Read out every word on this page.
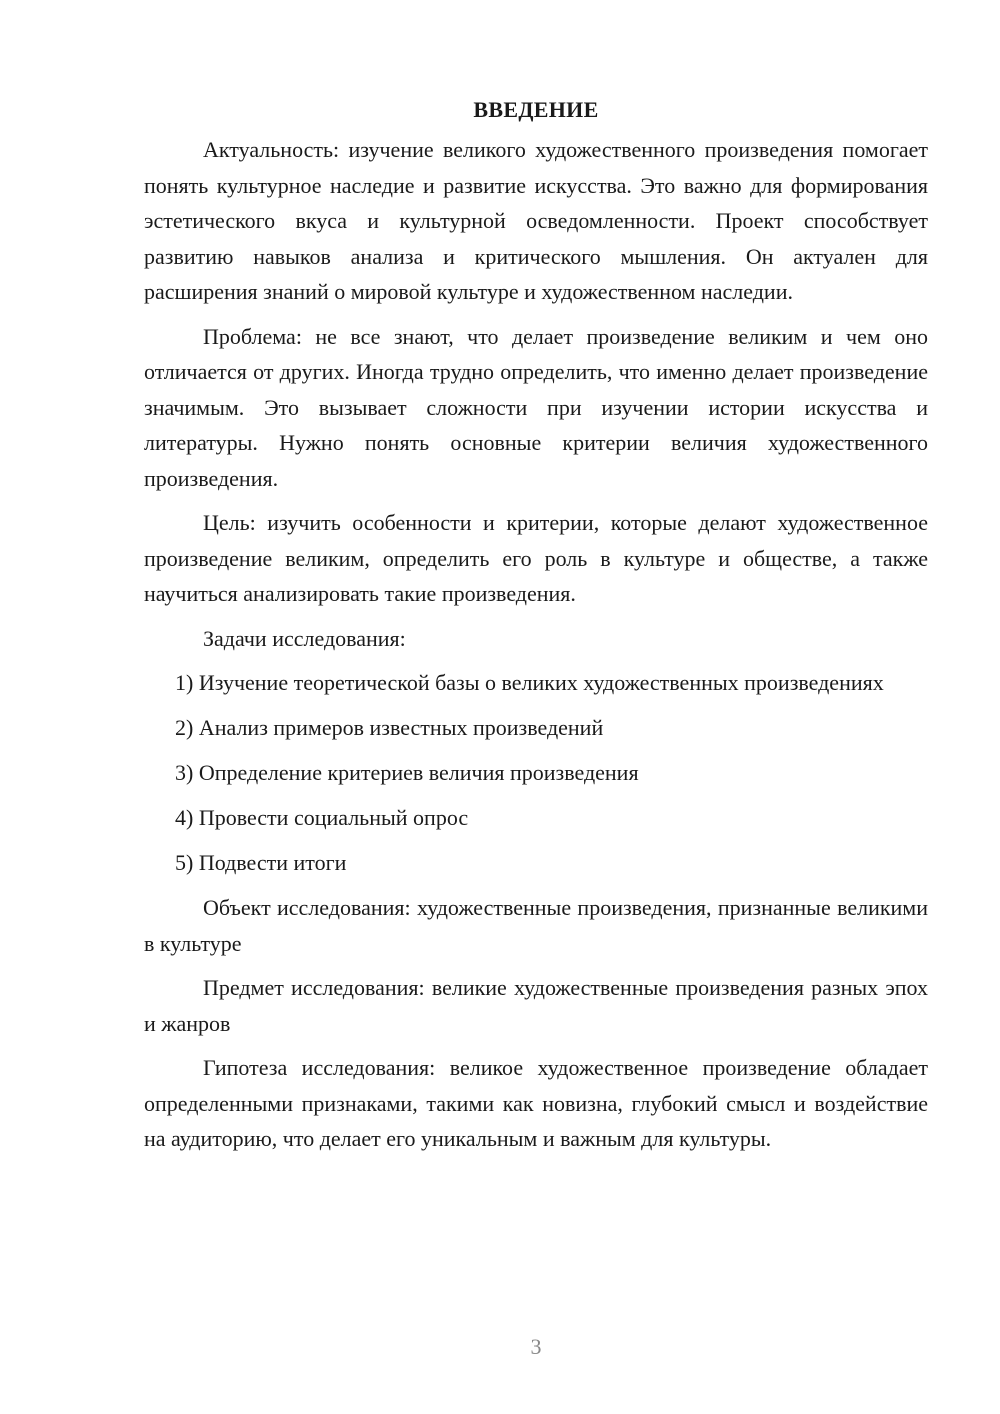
ВВЕДЕНИЕ

Актуальность: изучение великого художественного произведения помогает понять культурное наследие и развитие искусства. Это важно для формирования эстетического вкуса и культурной осведомленности. Проект способствует развитию навыков анализа и критического мышления. Он актуален для расширения знаний о мировой культуре и художественном наследии.

Проблема: не все знают, что делает произведение великим и чем оно отличается от других. Иногда трудно определить, что именно делает произведение значимым. Это вызывает сложности при изучении истории искусства и литературы. Нужно понять основные критерии величия художественного произведения.

Цель: изучить особенности и критерии, которые делают художественное произведение великим, определить его роль в культуре и обществе, а также научиться анализировать такие произведения.

Задачи исследования:

1) Изучение теоретической базы о великих художественных произведениях

2) Анализ примеров известных произведений

3) Определение критериев величия произведения

4) Провести социальный опрос

5) Подвести итоги

Объект исследования: художественные произведения, признанные великими в культуре

Предмет исследования: великие художественные произведения разных эпох и жанров

Гипотеза исследования: великое художественное произведение обладает определенными признаками, такими как новизна, глубокий смысл и воздействие на аудиторию, что делает его уникальным и важным для культуры.

3
